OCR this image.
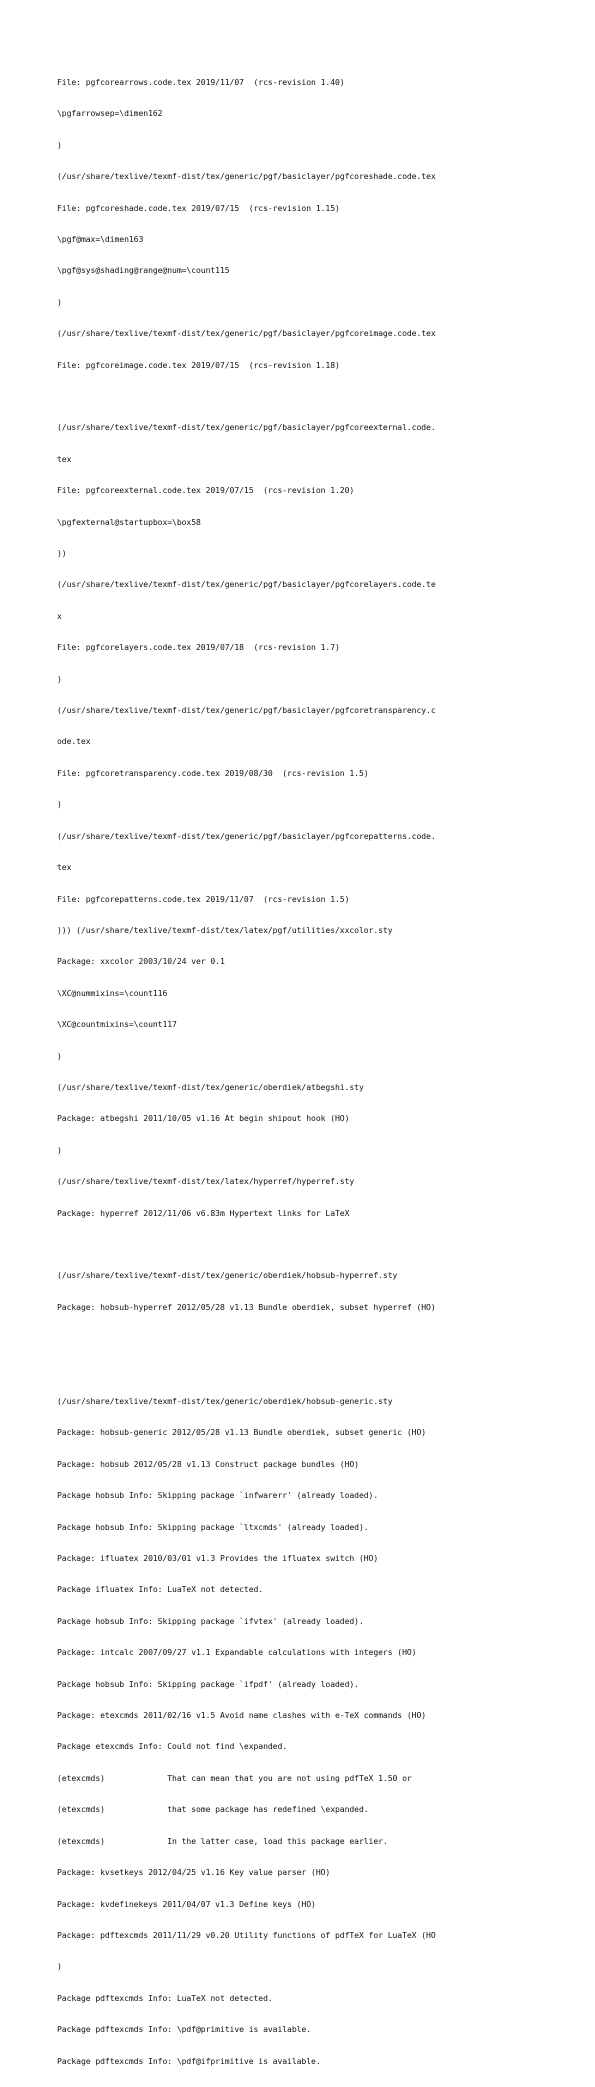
File: pgfcorearrows.code.tex 2019/11/07  (rcs-revision 1.40)

\pgfarrowsep=\dimen162

)

(/usr/share/texlive/texmf-dist/tex/generic/pgf/basiclayer/pgfcoreshade.code.tex

File: pgfcoreshade.code.tex 2019/07/15  (rcs-revision 1.15)

\pgf@max=\dimen163

\pgf@sys@shading@range@num=\count115

)

(/usr/share/texlive/texmf-dist/tex/generic/pgf/basiclayer/pgfcoreimage.code.tex

File: pgfcoreimage.code.tex 2019/07/15  (rcs-revision 1.18)

(/usr/share/texlive/texmf-dist/tex/generic/pgf/basiclayer/pgfcoreexternal.code.

tex

File: pgfcoreexternal.code.tex 2019/07/15  (rcs-revision 1.20)

\pgfexternal@startupbox=\box58

))

(/usr/share/texlive/texmf-dist/tex/generic/pgf/basiclayer/pgfcorelayers.code.te

x

File: pgfcorelayers.code.tex 2019/07/18  (rcs-revision 1.7)

)

(/usr/share/texlive/texmf-dist/tex/generic/pgf/basiclayer/pgfcoretransparency.c

ode.tex

File: pgfcoretransparency.code.tex 2019/08/30  (rcs-revision 1.5)

)

(/usr/share/texlive/texmf-dist/tex/generic/pgf/basiclayer/pgfcorepatterns.code.

tex

File: pgfcorepatterns.code.tex 2019/11/07  (rcs-revision 1.5)

))) (/usr/share/texlive/texmf-dist/tex/latex/pgf/utilities/xxcolor.sty

Package: xxcolor 2003/10/24 ver 0.1

\XC@nummixins=\count116

\XC@countmixins=\count117

)

(/usr/share/texlive/texmf-dist/tex/generic/oberdiek/atbegshi.sty

Package: atbegshi 2011/10/05 v1.16 At begin shipout hook (HO)

)

(/usr/share/texlive/texmf-dist/tex/latex/hyperref/hyperref.sty

Package: hyperref 2012/11/06 v6.83m Hypertext links for LaTeX

(/usr/share/texlive/texmf-dist/tex/generic/oberdiek/hobsub-hyperref.sty

Package: hobsub-hyperref 2012/05/28 v1.13 Bundle oberdiek, subset hyperref (HO)

(/usr/share/texlive/texmf-dist/tex/generic/oberdiek/hobsub-generic.sty

Package: hobsub-generic 2012/05/28 v1.13 Bundle oberdiek, subset generic (HO)

Package: hobsub 2012/05/28 v1.13 Construct package bundles (HO)

Package hobsub Info: Skipping package `infwarerr' (already loaded).

Package hobsub Info: Skipping package `ltxcmds' (already loaded).

Package: ifluatex 2010/03/01 v1.3 Provides the ifluatex switch (HO)

Package ifluatex Info: LuaTeX not detected.

Package hobsub Info: Skipping package `ifvtex' (already loaded).

Package: intcalc 2007/09/27 v1.1 Expandable calculations with integers (HO)

Package hobsub Info: Skipping package `ifpdf' (already loaded).

Package: etexcmds 2011/02/16 v1.5 Avoid name clashes with e-TeX commands (HO)

Package etexcmds Info: Could not find \expanded.

(etexcmds)             That can mean that you are not using pdfTeX 1.50 or

(etexcmds)             that some package has redefined \expanded.

(etexcmds)             In the latter case, load this package earlier.

Package: kvsetkeys 2012/04/25 v1.16 Key value parser (HO)

Package: kvdefinekeys 2011/04/07 v1.3 Define keys (HO)

Package: pdftexcmds 2011/11/29 v0.20 Utility functions of pdfTeX for LuaTeX (HO

)

Package pdftexcmds Info: LuaTeX not detected.

Package pdftexcmds Info: \pdf@primitive is available.

Package pdftexcmds Info: \pdf@ifprimitive is available.
